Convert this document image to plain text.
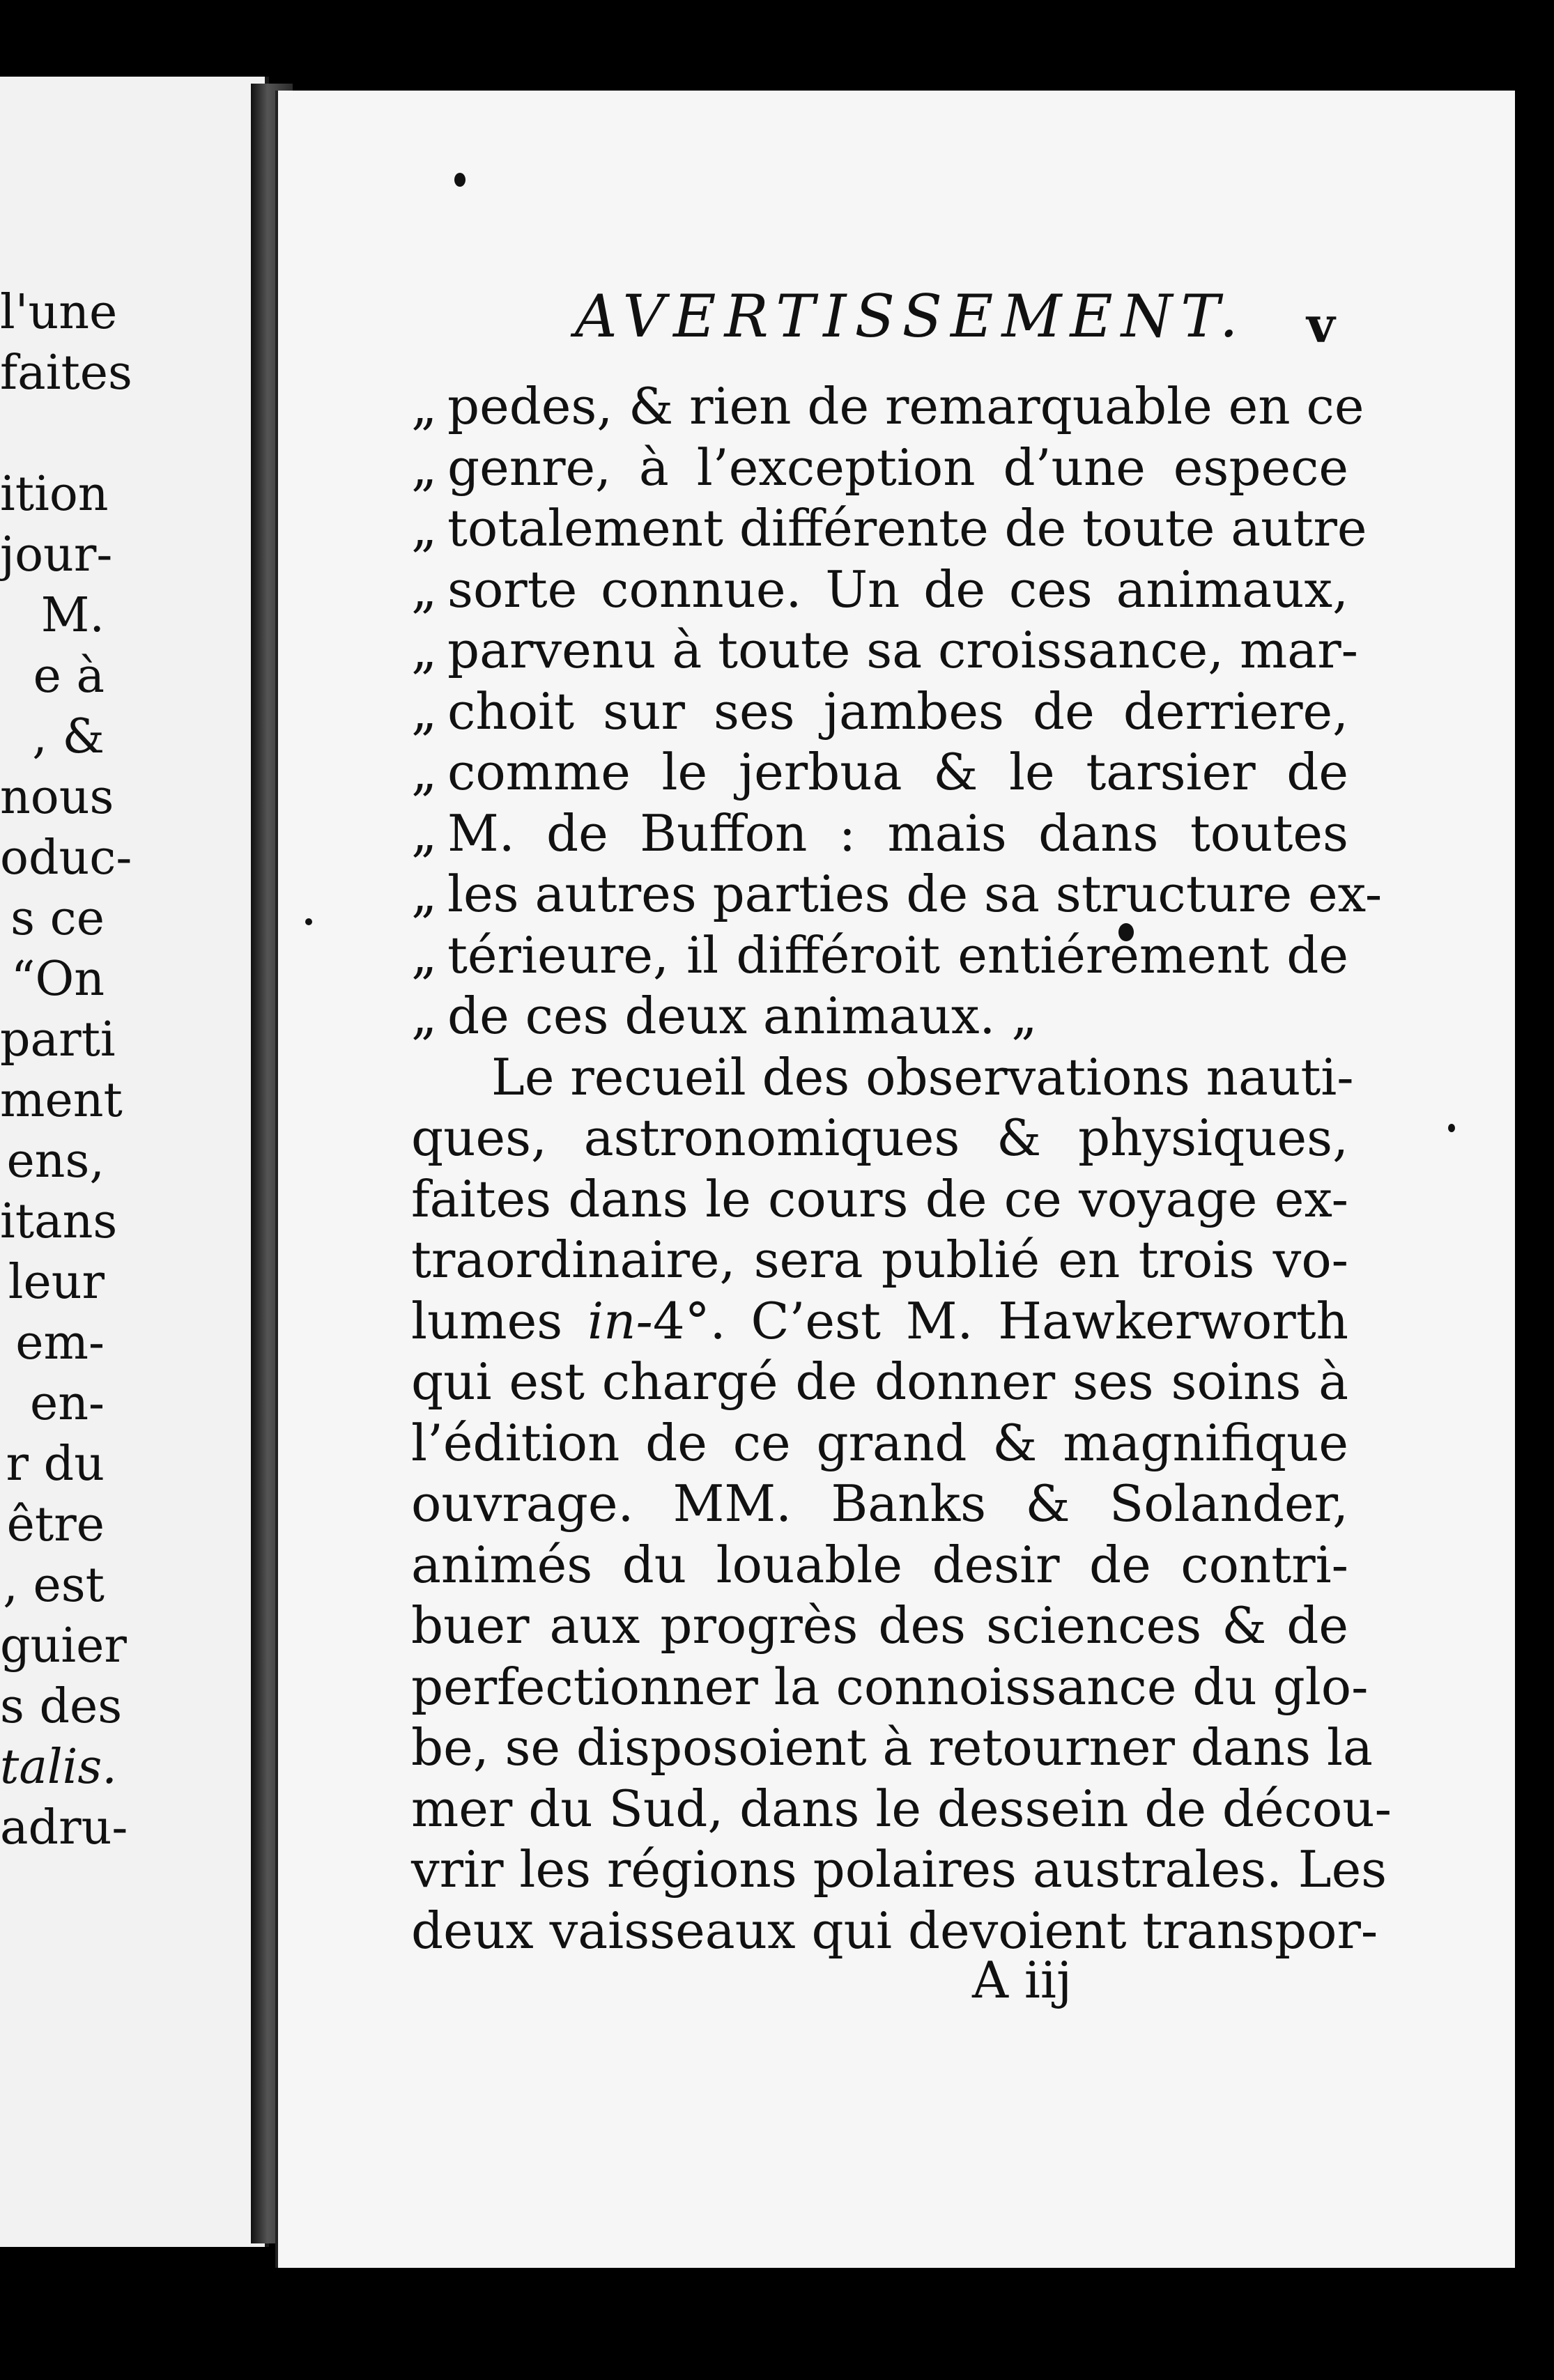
l'une
faites

ition
jour-
M.
e à
, &
nous
oduc-
s ce
“On
parti
ment
ens,
itans
leur
em-
en-
r du
être
, est
guier
s des
talis.
adru-
AVERTISSEMENT. v
„ pedes, & rien de remarquable en ce
„ genre, à l’exception d’une espece
„ totalement différente de toute autre
„ sorte connue. Un de ces animaux,
„ parvenu à toute sa croissance, mar-
„ choit sur ses jambes de derriere,
„ comme le jerbua & le tarsier de
„ M. de Buffon : mais dans toutes
„ les autres parties de sa structure ex-
„ térieure, il différoit entiérement de
„ de ces deux animaux. „
Le recueil des observations nauti-
ques, astronomiques & physiques,
faites dans le cours de ce voyage ex-
traordinaire, sera publié en trois vo-
lumes in-4°. C’est M. Hawkerworth
qui est chargé de donner ses soins à
l’édition de ce grand & magnifique
ouvrage. MM. Banks & Solander,
animés du louable desir de contri-
buer aux progrès des sciences & de
perfectionner la connoissance du glo-
be, se disposoient à retourner dans la
mer du Sud, dans le dessein de décou-
vrir les régions polaires australes. Les
deux vaisseaux qui devoient transpor-
A iij
